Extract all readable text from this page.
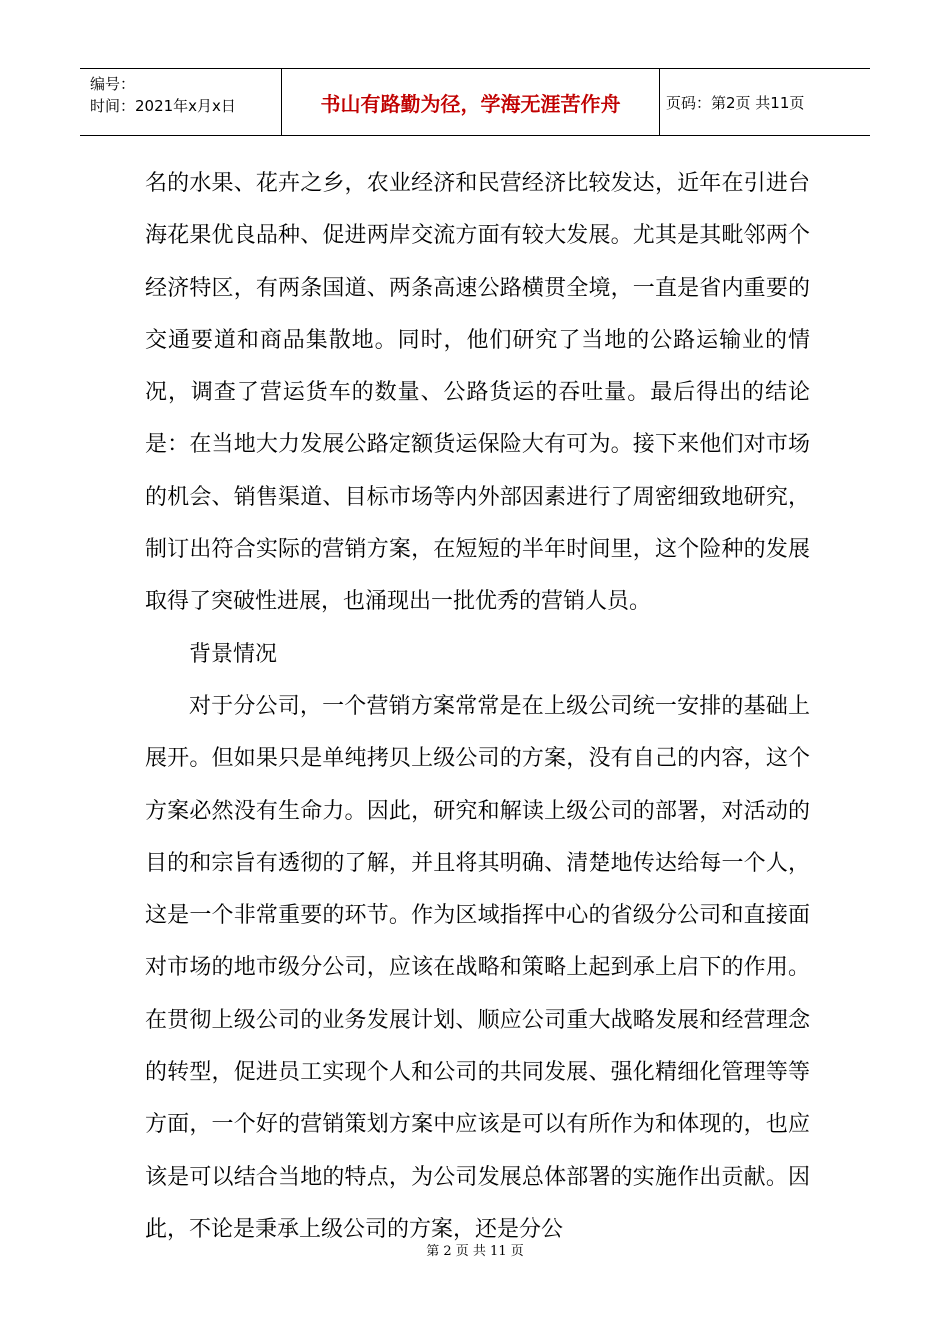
编号：
时间：2021年x月x日	书山有路勤为径，学海无涯苦作舟	页码：第2页 共11页

名的水果、花卉之乡，农业经济和民营经济比较发达，近年在引进台海花果优良品种、促进两岸交流方面有较大发展。尤其是其毗邻两个经济特区，有两条国道、两条高速公路横贯全境，一直是省内重要的交通要道和商品集散地。同时，他们研究了当地的公路运输业的情况，调查了营运货车的数量、公路货运的吞吐量。最后得出的结论是：在当地大力发展公路定额货运保险大有可为。接下来他们对市场的机会、销售渠道、目标市场等内外部因素进行了周密细致地研究，制订出符合实际的营销方案，在短短的半年时间里，这个险种的发展取得了突破性进展，也涌现出一批优秀的营销人员。

背景情况

对于分公司，一个营销方案常常是在上级公司统一安排的基础上展开。但如果只是单纯拷贝上级公司的方案，没有自己的内容，这个方案必然没有生命力。因此，研究和解读上级公司的部署，对活动的目的和宗旨有透彻的了解，并且将其明确、清楚地传达给每一个人，这是一个非常重要的环节。作为区域指挥中心的省级分公司和直接面对市场的地市级分公司，应该在战略和策略上起到承上启下的作用。在贯彻上级公司的业务发展计划、顺应公司重大战略发展和经营理念的转型，促进员工实现个人和公司的共同发展、强化精细化管理等等方面，一个好的营销策划方案中应该是可以有所作为和体现的，也应该是可以结合当地的特点，为公司发展总体部署的实施作出贡献。因此，不论是秉承上级公司的方案，还是分公

第 2 页 共 11 页
